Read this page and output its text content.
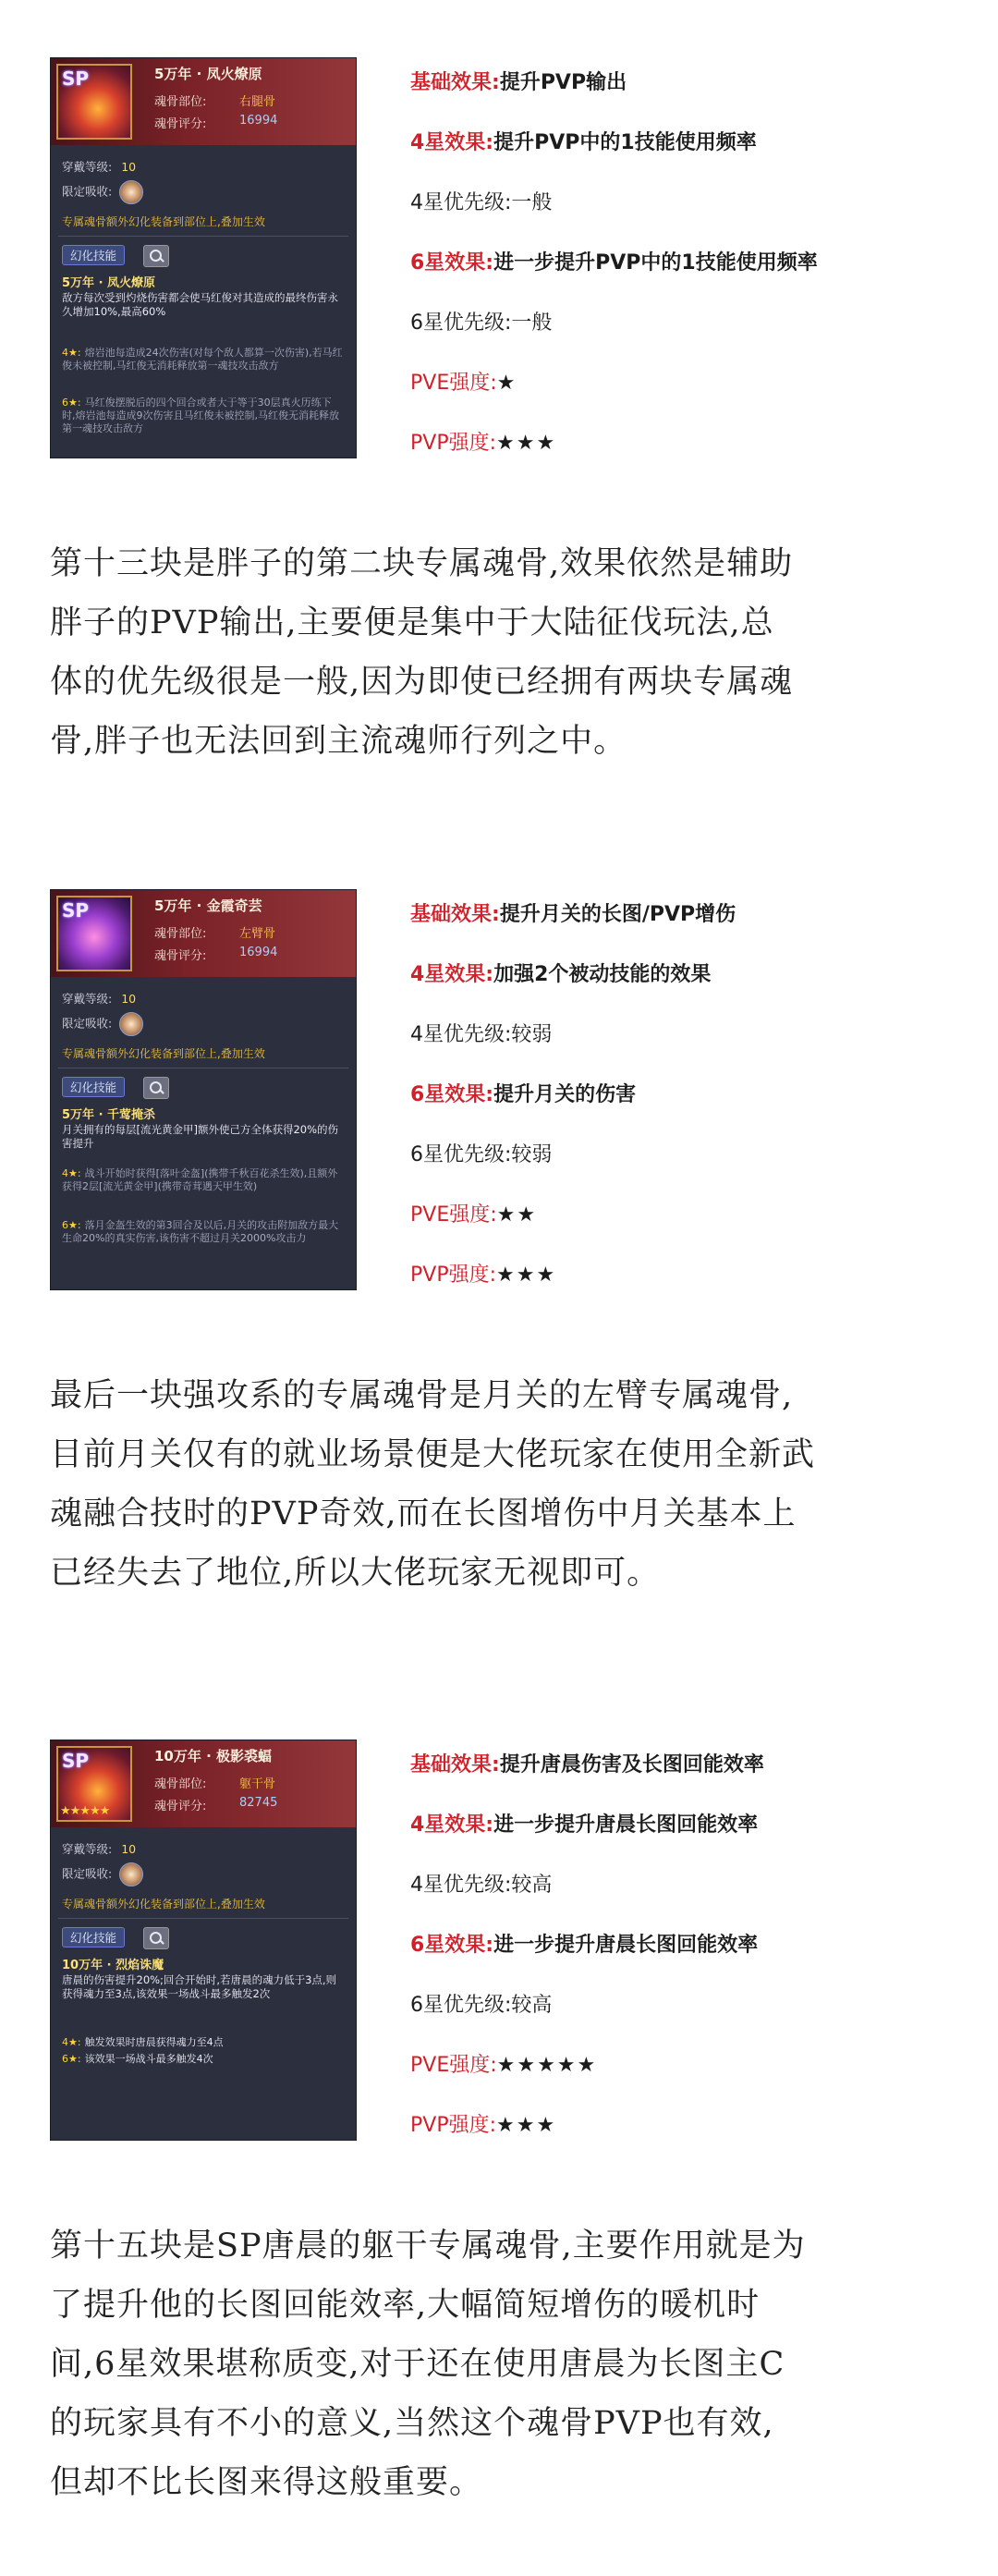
SP	5万年 · 凤火燎原
魂骨部位:	右腿骨
魂骨评分:	16994
穿戴等级: 10
限定吸收:
专属魂骨额外幻化装备到部位上,叠加生效
幻化技能
5万年 · 凤火燎原
敌方每次受到灼烧伤害都会使马红俊对其造成的最终伤害永久增加10%,最高60%
4★: 熔岩池每造成24次伤害(对每个敌人都算一次伤害),若马红俊未被控制,马红俊无消耗释放第一魂技攻击敌方
6★: 马红俊摆脱后的四个回合或者大于等于30层真火历练下时,熔岩池每造成9次伤害且马红俊未被控制,马红俊无消耗释放第一魂技攻击敌方
基础效果:提升PVP输出
4星效果:提升PVP中的1技能使用频率
4星优先级:一般
6星效果:进一步提升PVP中的1技能使用频率
6星优先级:一般
PVE强度:★
PVP强度:★★★
第十三块是胖子的第二块专属魂骨,效果依然是辅助
胖子的PVP输出,主要便是集中于大陆征伐玩法,总
体的优先级很是一般,因为即使已经拥有两块专属魂
骨,胖子也无法回到主流魂师行列之中。
SP	5万年 · 金霞奇芸
魂骨部位:	左臂骨
魂骨评分:	16994
穿戴等级: 10
限定吸收:
专属魂骨额外幻化装备到部位上,叠加生效
幻化技能
5万年 · 千莺掩杀
月关拥有的每层[流光黄金甲]额外使己方全体获得20%的伤害提升
4★: 战斗开始时获得[落叶金盔](携带千秋百花杀生效),且额外获得2层[流光黄金甲](携带奇茸遇天甲生效)
6★: 落月金盔生效的第3回合及以后,月关的攻击附加敌方最大生命20%的真实伤害,该伤害不超过月关2000%攻击力
基础效果:提升月关的长图/PVP增伤
4星效果:加强2个被动技能的效果
4星优先级:较弱
6星效果:提升月关的伤害
6星优先级:较弱
PVE强度:★★
PVP强度:★★★
最后一块强攻系的专属魂骨是月关的左臂专属魂骨,
目前月关仅有的就业场景便是大佬玩家在使用全新武
魂融合技时的PVP奇效,而在长图增伤中月关基本上
已经失去了地位,所以大佬玩家无视即可。
SP
★★★★★
10万年 · 极影裘蝠
魂骨部位:	躯干骨
魂骨评分:	82745
穿戴等级: 10
限定吸收:
专属魂骨额外幻化装备到部位上,叠加生效
幻化技能
10万年 · 烈焰诛魔
唐晨的伤害提升20%;回合开始时,若唐晨的魂力低于3点,则获得魂力至3点,该效果一场战斗最多触发2次
4★: 触发效果时唐晨获得魂力至4点
6★: 该效果一场战斗最多触发4次
基础效果:提升唐晨伤害及长图回能效率
4星效果:进一步提升唐晨长图回能效率
4星优先级:较高
6星效果:进一步提升唐晨长图回能效率
6星优先级:较高
PVE强度:★★★★★
PVP强度:★★★
第十五块是SP唐晨的躯干专属魂骨,主要作用就是为
了提升他的长图回能效率,大幅简短增伤的暖机时
间,6星效果堪称质变,对于还在使用唐晨为长图主C
的玩家具有不小的意义,当然这个魂骨PVP也有效,
但却不比长图来得这般重要。
